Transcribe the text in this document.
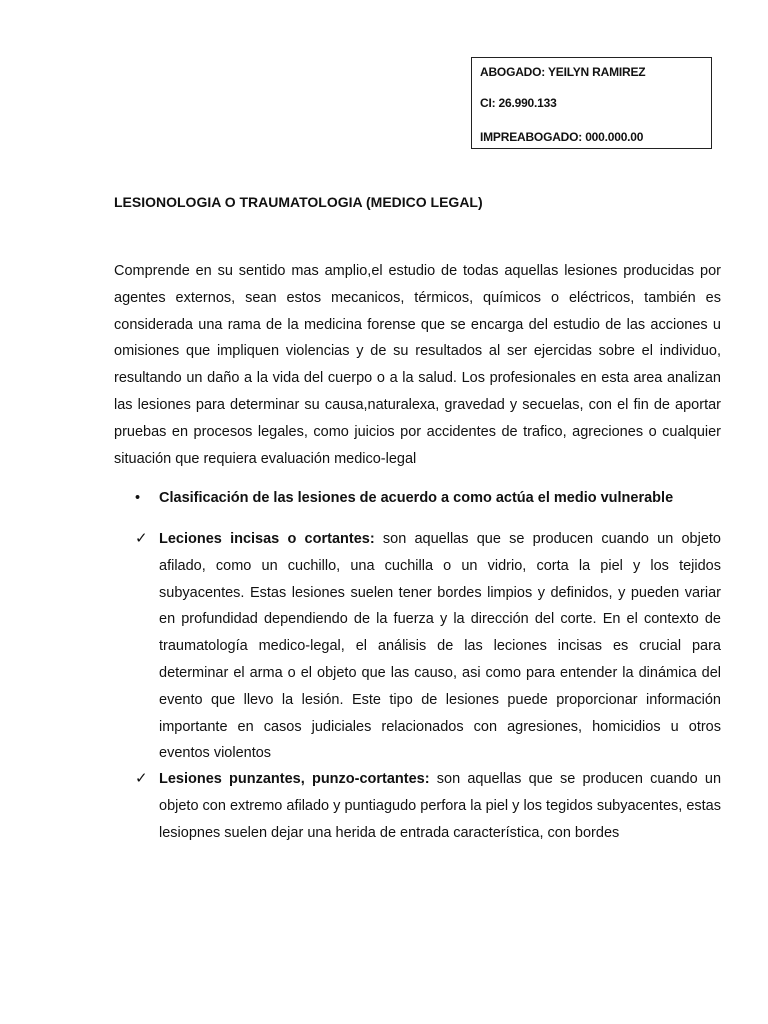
ABOGADO: YEILYN RAMIREZ
CI: 26.990.133
IMPREABOGADO: 000.000.00
LESIONOLOGIA O TRAUMATOLOGIA (MEDICO LEGAL)

Comprende en su sentido mas amplio,el estudio de todas aquellas lesiones producidas por agentes externos, sean estos mecanicos, térmicos, químicos o eléctricos, también es considerada una rama de la medicina forense que se encarga del estudio de las acciones u omisiones que impliquen violencias y de su resultados al ser ejercidas sobre el individuo, resultando un daño a la vida del cuerpo o a la salud. Los profesionales en esta area analizan las lesiones para determinar su causa,naturalexa, gravedad y secuelas, con el fin de aportar pruebas en procesos legales, como juicios por accidentes de trafico, agreciones o cualquier situación que requiera evaluación medico-legal

• Clasificación de las lesiones de acuerdo a como actúa el medio vulnerable
✓ Leciones incisas o cortantes: son aquellas que se producen cuando un objeto afilado, como un cuchillo, una cuchilla o un vidrio, corta la piel y los tejidos subyacentes. Estas lesiones suelen tener bordes limpios y definidos, y pueden variar en profundidad dependiendo de la fuerza y la dirección del corte. En el contexto de traumatología medico-legal, el análisis de las leciones incisas es crucial para determinar el arma o el objeto que las causo, asi como para entender la dinámica del evento que llevo la lesión. Este tipo de lesiones puede proporcionar información importante en casos judiciales relacionados con agresiones, homicidios u otros eventos violentos

✓ Lesiones punzantes, punzo-cortantes: son aquellas que se producen cuando un objeto con extremo afilado y puntiagudo perfora la piel y los tegidos subyacentes, estas lesiopnes suelen dejar una herida de entrada característica, con bordes
